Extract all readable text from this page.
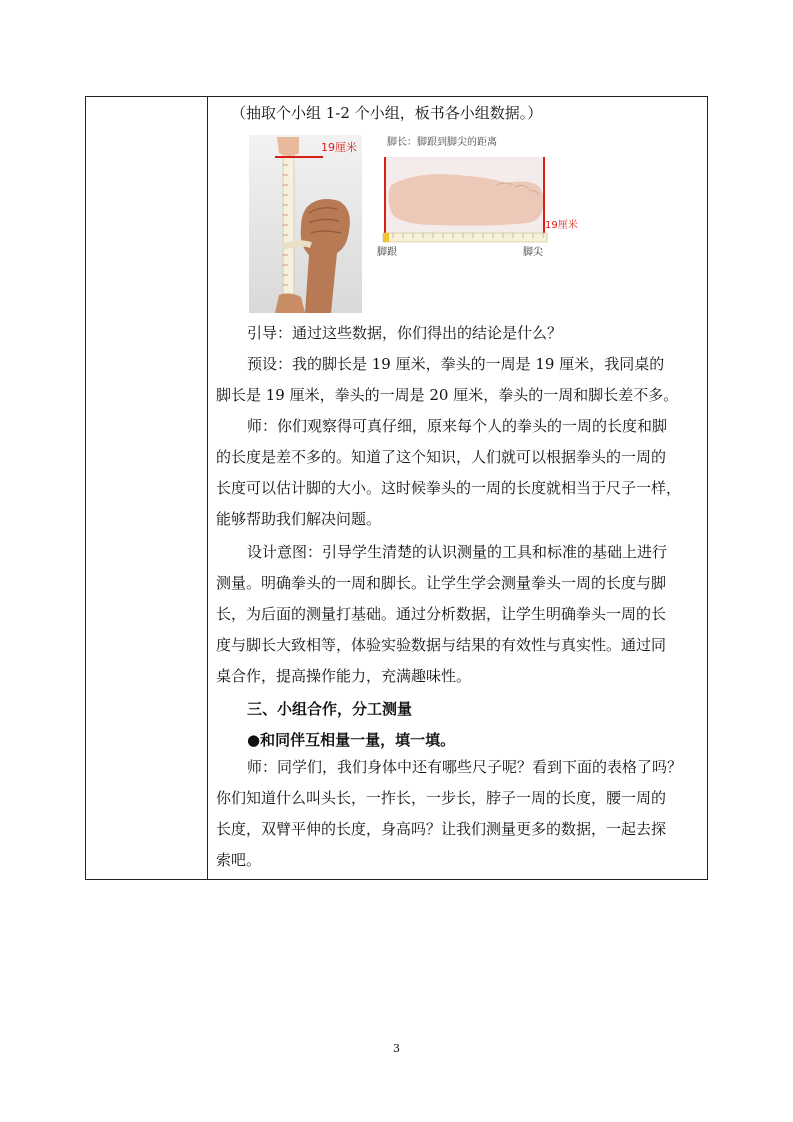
（抽取个小组 1-2 个小组，板书各小组数据。）
19厘米	脚长：脚跟到脚尖的距离
19厘米
脚跟	脚尖
引导：通过这些数据，你们得出的结论是什么？
预设：我的脚长是 19 厘米，拳头的一周是 19 厘米，我同桌的
脚长是 19 厘米，拳头的一周是 20 厘米，拳头的一周和脚长差不多。
师：你们观察得可真仔细，原来每个人的拳头的一周的长度和脚
的长度是差不多的。知道了这个知识，人们就可以根据拳头的一周的
长度可以估计脚的大小。这时候拳头的一周的长度就相当于尺子一样，
能够帮助我们解决问题。
设计意图：引导学生清楚的认识测量的工具和标准的基础上进行
测量。明确拳头的一周和脚长。让学生学会测量拳头一周的长度与脚
长，为后面的测量打基础。通过分析数据，让学生明确拳头一周的长
度与脚长大致相等，体验实验数据与结果的有效性与真实性。通过同
桌合作，提高操作能力，充满趣味性。
三、小组合作，分工测量
●和同伴互相量一量，填一填。
师：同学们，我们身体中还有哪些尺子呢？看到下面的表格了吗？
你们知道什么叫头长，一拃长，一步长，脖子一周的长度，腰一周的
长度，双臂平伸的长度，身高吗？让我们测量更多的数据，一起去探
索吧。
3
